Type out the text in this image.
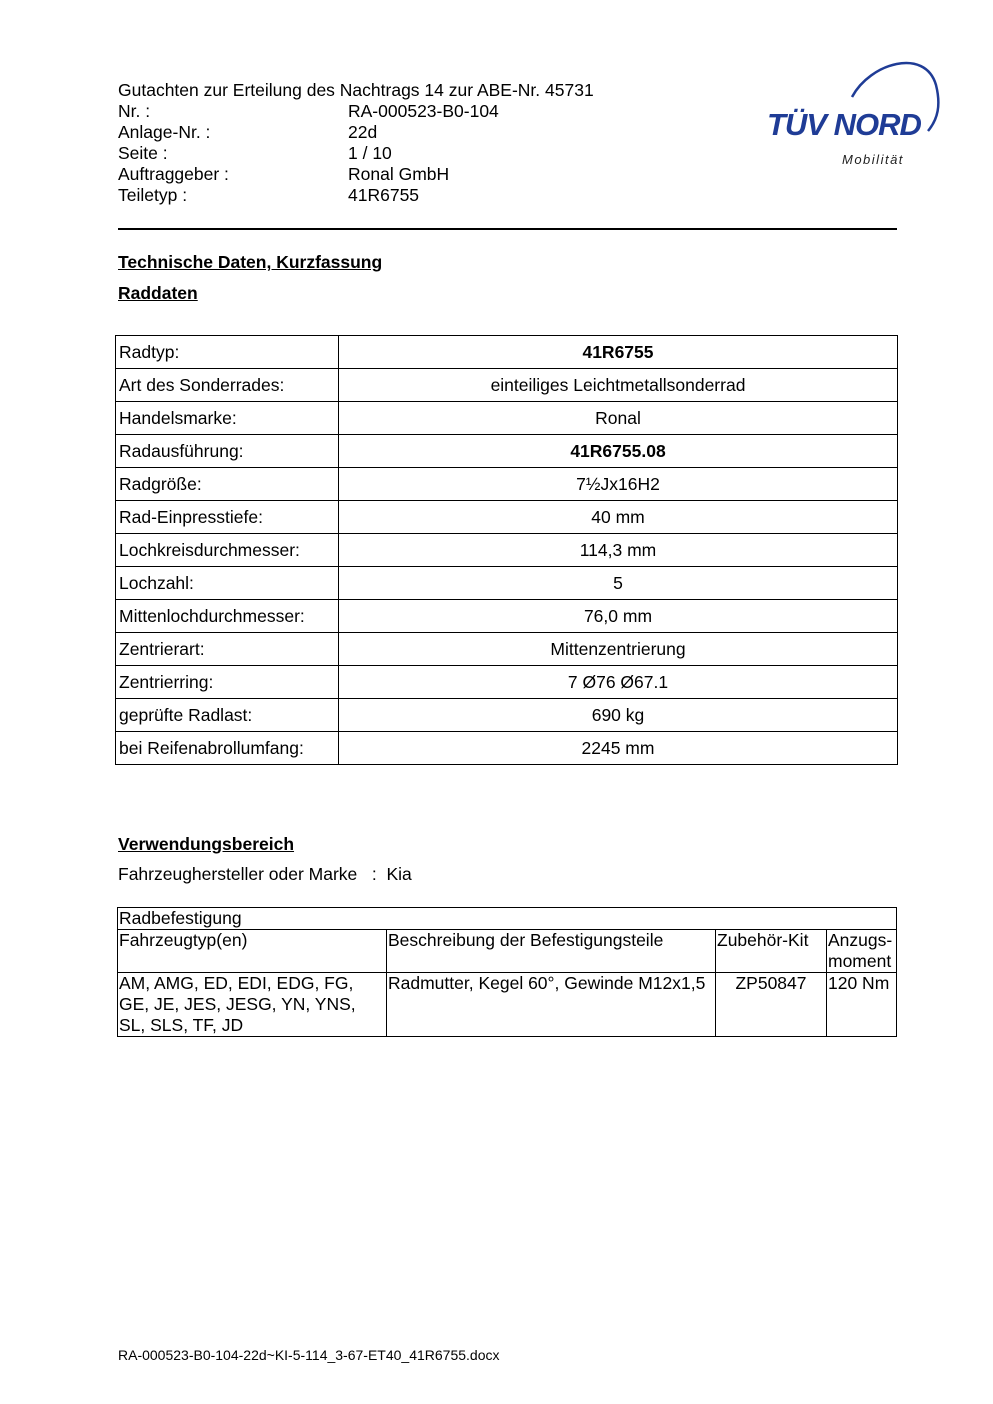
Gutachten zur Erteilung des Nachtrags 14 zur ABE-Nr. 45731
Nr. :	RA-000523-B0-104
Anlage-Nr. :	22d
Seite :	1 / 10
Auftraggeber :	Ronal GmbH
Teiletyp :	41R6755
TÜV NORD
Mobilität
Technische Daten, Kurzfassung
Raddaten
Radtyp:	41R6755
Art des Sonderrades:	einteiliges Leichtmetallsonderrad
Handelsmarke:	Ronal
Radausführung:	41R6755.08
Radgröße:	7½Jx16H2
Rad-Einpresstiefe:	40 mm
Lochkreisdurchmesser:	114,3 mm
Lochzahl:	5
Mittenlochdurchmesser:	76,0 mm
Zentrierart:	Mittenzentrierung
Zentrierring:	7 Ø76 Ø67.1
geprüfte Radlast:	690 kg
bei Reifenabrollumfang:	2245 mm
Verwendungsbereich
Fahrzeughersteller oder Marke : Kia
Radbefestigung			
Fahrzeugtyp(en)	Beschreibung der Befestigungsteile	Zubehör-Kit	Anzugs-moment
AM, AMG, ED, EDI, EDG, FG, GE, JE, JES, JESG, YN, YNS, SL, SLS, TF, JD	Radmutter, Kegel 60°, Gewinde M12x1,5	ZP50847	120 Nm
RA-000523-B0-104-22d~KI-5-114_3-67-ET40_41R6755.docx
